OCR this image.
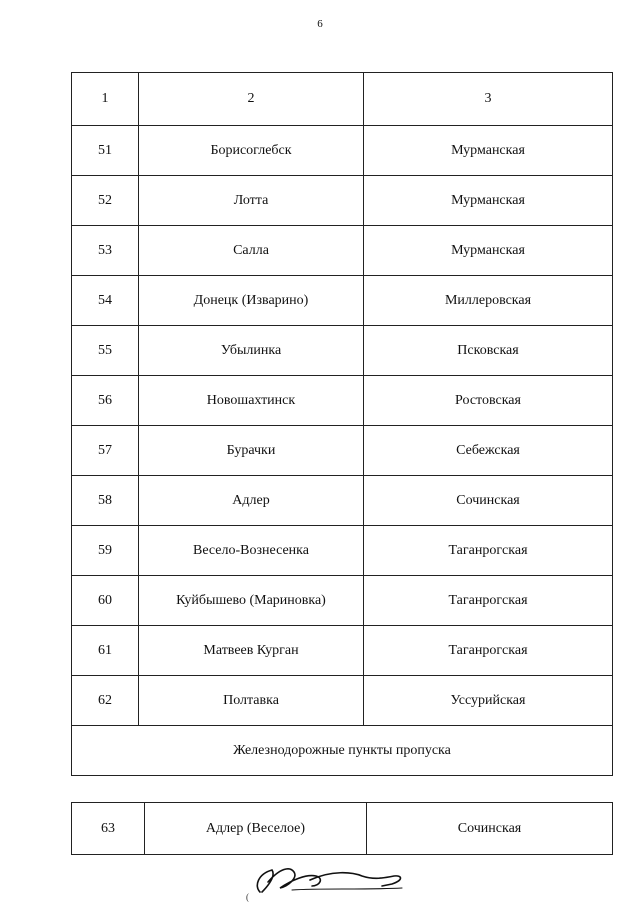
6
1	2	3
51	Борисоглебск	Мурманская
52	Лотта	Мурманская
53	Салла	Мурманская
54	Донецк (Изварино)	Миллеровская
55	Убылинка	Псковская
56	Новошахтинск	Ростовская
57	Бурачки	Себежская
58	Адлер	Сочинская
59	Весело-Вознесенка	Таганрогская
60	Куйбышево (Мариновка)	Таганрогская
61	Матвеев Курган	Таганрогская
62	Полтавка	Уссурийская
Железнодорожные пункты пропуска		
63	Адлер (Веселое)	Сочинская
(
